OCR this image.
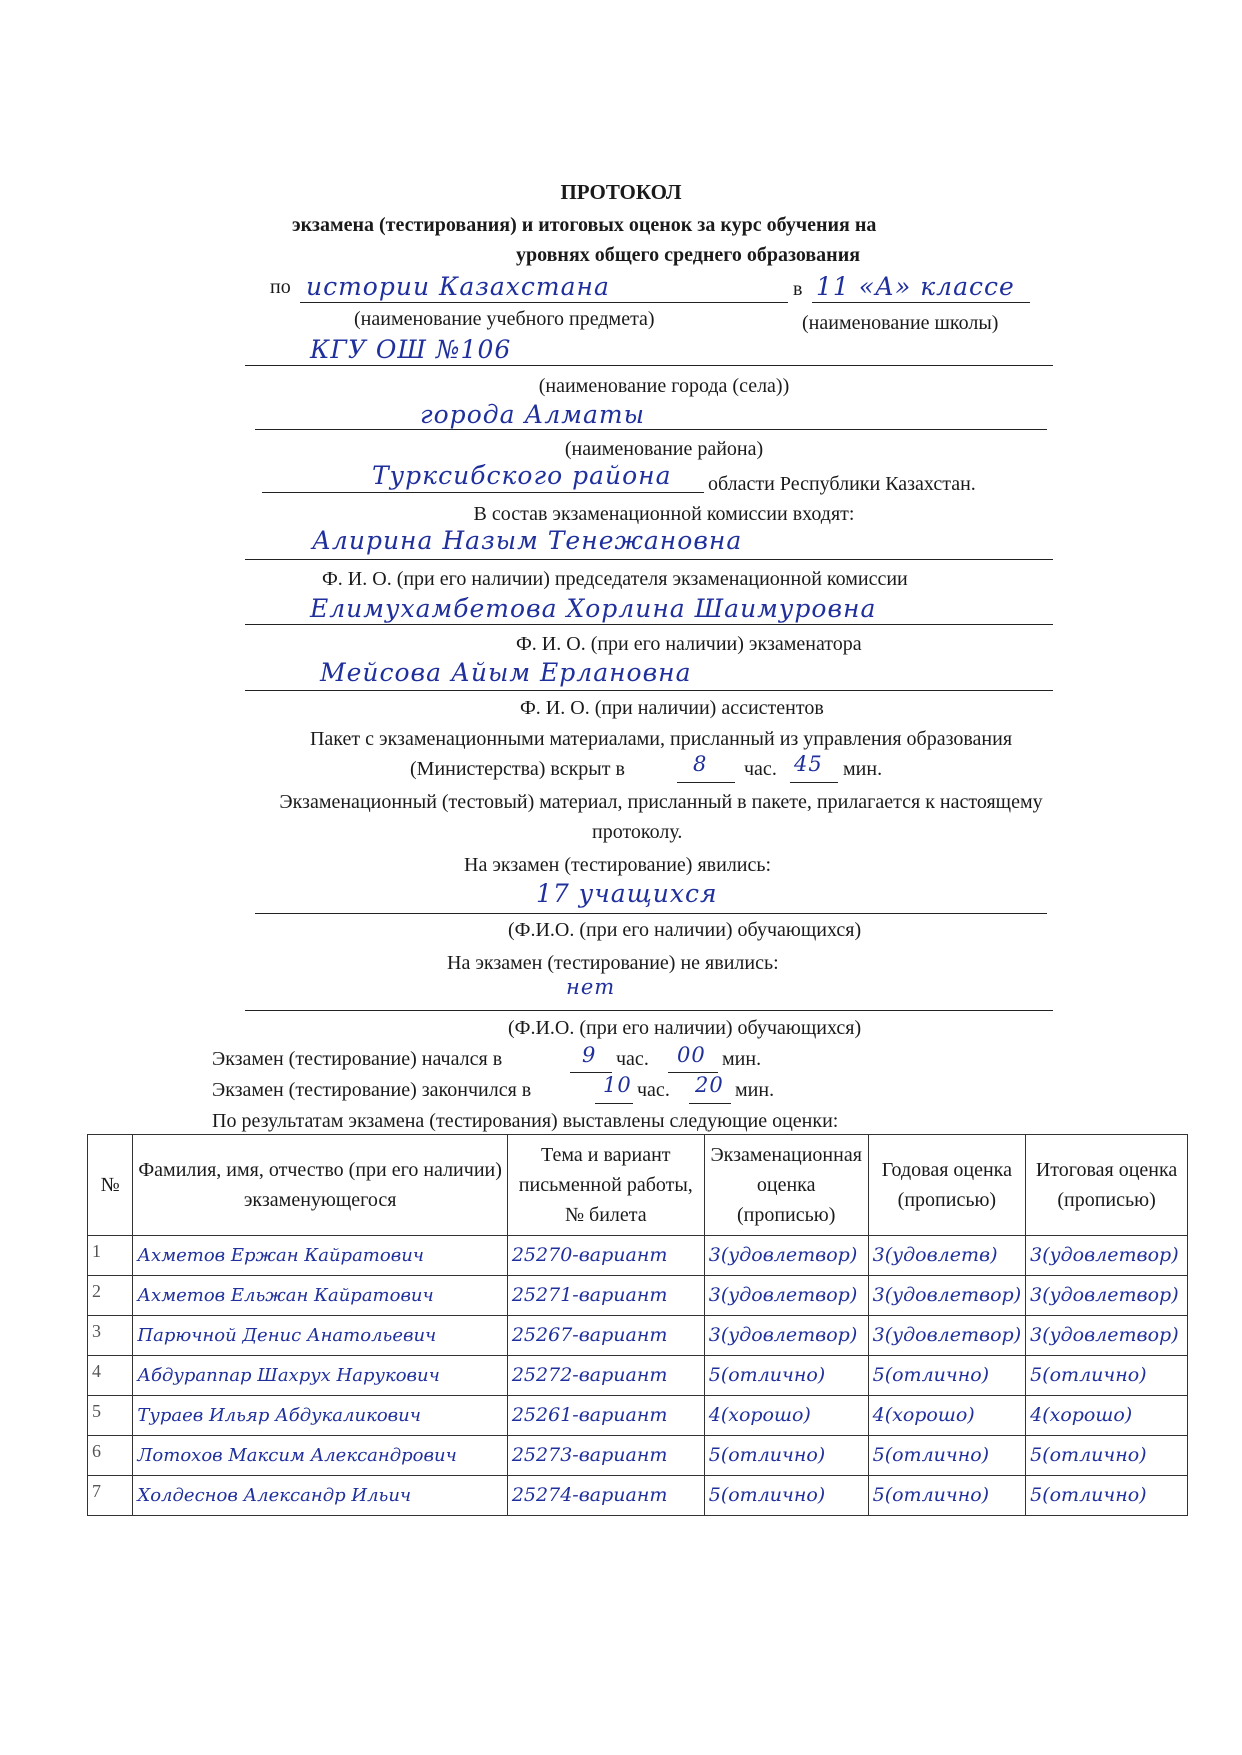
ПРОТОКОЛ
экзамена (тестирования) и итоговых оценок за курс обучения на
уровнях общего среднего образования
по истории Казахстана	в 11 «А» классе
(наименование учебного предмета)	(наименование школы)
КГУ ОШ №106
(наименование города (села))
города Алматы
(наименование района)
Турксибского района области Республики Казахстан.
В состав экзаменационной комиссии входят:
Алирина Назым Тенежановна
Ф. И. О. (при его наличии) председателя экзаменационной комиссии
Елимухамбетова Хорлина Шаимуровна
Ф. И. О. (при его наличии) экзаменатора
Мейсова Айым Ерлановна
Ф. И. О. (при наличии) ассистентов
Пакет с экзаменационными материалами, присланный из управления образования
(Министерства) вскрыт в	8 час. 45 мин.
Экзаменационный (тестовый) материал, присланный в пакете, прилагается к настоящему
протоколу.
На экзамен (тестирование) явились:
17 учащихся
(Ф.И.О. (при его наличии) обучающихся)
На экзамен (тестирование) не явились:
нет
(Ф.И.О. (при его наличии) обучающихся)
Экзамен (тестирование) начался в	9 час. 00 мин.
Экзамен (тестирование) закончился в	10 час. 20 мин.
По результатам экзамена (тестирования) выставлены следующие оценки:
№	Фамилия, имя, отчество (при его наличии) экзаменующегося	Тема и вариант письменной работы, № билета	Экзаменационная оценка (прописью)	Годовая оценка (прописью)	Итоговая оценка (прописью)
1	Ахметов Ержан Кайратович	25270-вариант	3(удовлетвор)	3(удовлетв)	3(удовлетвор)
2	Ахметов Ельжан Кайратович	25271-вариант	3(удовлетвор)	3(удовлетвор)	3(удовлетвор)
3	Парючной Денис Анатольевич	25267-вариант	3(удовлетвор)	3(удовлетвор)	3(удовлетвор)
4	Абдураппар Шахрух Нарукович	25272-вариант	5(отлично)	5(отлично)	5(отлично)
5	Тураев Ильяр Абдукаликович	25261-вариант	4(хорошо)	4(хорошо)	4(хорошо)
6	Лотохов Максим Александрович	25273-вариант	5(отлично)	5(отлично)	5(отлично)
7	Холдеснов Александр Ильич	25274-вариант	5(отлично)	5(отлично)	5(отлично)
